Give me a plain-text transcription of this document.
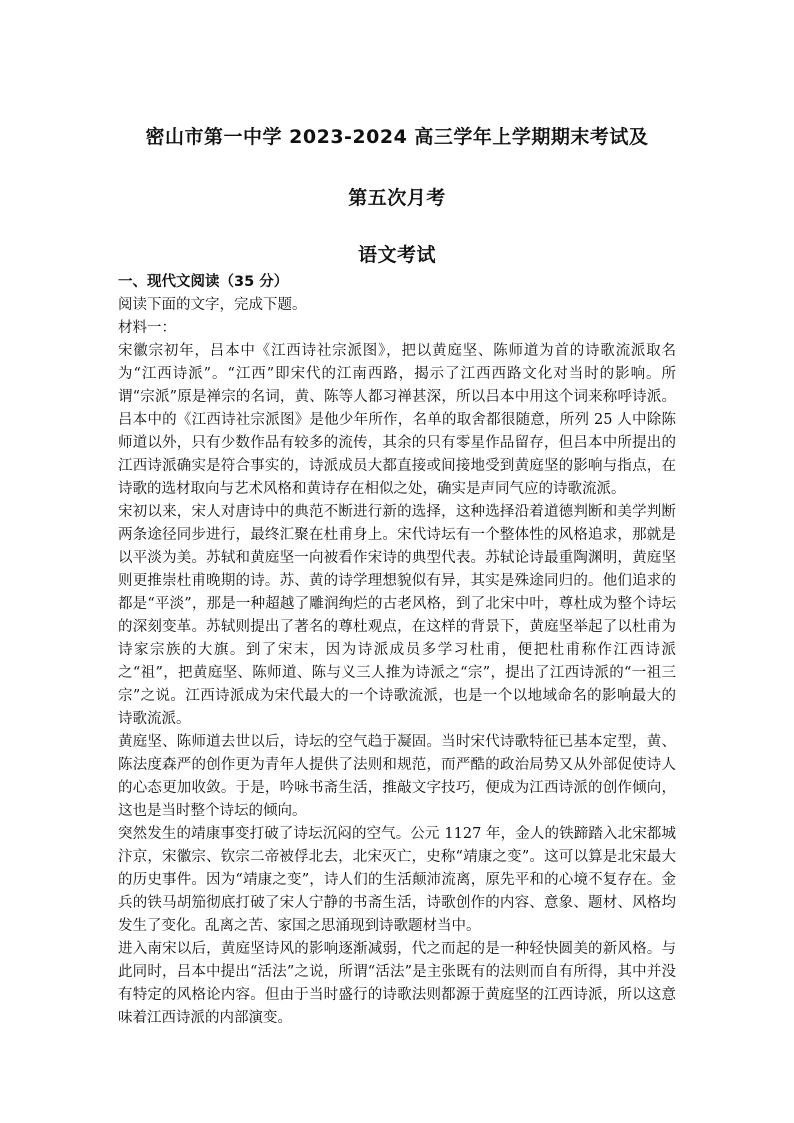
密山市第一中学 2023-2024 高三学年上学期期末考试及
第五次月考
语文考试

一、现代文阅读（35 分）

阅读下面的文字，完成下题。

材料一：

宋徽宗初年，吕本中《江西诗社宗派图》，把以黄庭坚、陈师道为首的诗歌流派取名为“江西诗派”。“江西”即宋代的江南西路，揭示了江西西路文化对当时的影响。所谓“宗派”原是禅宗的名词，黄、陈等人都习禅甚深，所以吕本中用这个词来称呼诗派。吕本中的《江西诗社宗派图》是他少年所作，名单的取舍都很随意，所列 25 人中除陈师道以外，只有少数作品有较多的流传，其余的只有零星作品留存，但吕本中所提出的江西诗派确实是符合事实的，诗派成员大都直接或间接地受到黄庭坚的影响与指点，在诗歌的选材取向与艺术风格和黄诗存在相似之处，确实是声同气应的诗歌流派。

宋初以来，宋人对唐诗中的典范不断进行新的选择，这种选择沿着道德判断和美学判断两条途径同步进行，最终汇聚在杜甫身上。宋代诗坛有一个整体性的风格追求，那就是以平淡为美。苏轼和黄庭坚一向被看作宋诗的典型代表。苏轼论诗最重陶渊明，黄庭坚则更推崇杜甫晚期的诗。苏、黄的诗学理想貌似有异，其实是殊途同归的。他们追求的都是“平淡”，那是一种超越了雕润绚烂的古老风格，到了北宋中叶，尊杜成为整个诗坛的深刻变革。苏轼则提出了著名的尊杜观点，在这样的背景下，黄庭坚举起了以杜甫为诗家宗族的大旗。到了宋末，因为诗派成员多学习杜甫，便把杜甫称作江西诗派之“祖”，把黄庭坚、陈师道、陈与义三人推为诗派之“宗”，提出了江西诗派的“一祖三宗”之说。江西诗派成为宋代最大的一个诗歌流派，也是一个以地域命名的影响最大的诗歌流派。

黄庭坚、陈师道去世以后，诗坛的空气趋于凝固。当时宋代诗歌特征已基本定型，黄、陈法度森严的创作更为青年人提供了法则和规范，而严酷的政治局势又从外部促使诗人的心态更加收敛。于是，吟咏书斋生活，推敲文字技巧，便成为江西诗派的创作倾向，这也是当时整个诗坛的倾向。

突然发生的靖康事变打破了诗坛沉闷的空气。公元 1127 年，金人的铁蹄踏入北宋都城汴京，宋徽宗、钦宗二帝被俘北去，北宋灭亡，史称“靖康之变”。这可以算是北宋最大的历史事件。因为“靖康之变”，诗人们的生活颠沛流离，原先平和的心境不复存在。金兵的铁马胡笳彻底打破了宋人宁静的书斋生活，诗歌创作的内容、意象、题材、风格均发生了变化。乱离之苦、家国之思涌现到诗歌题材当中。

进入南宋以后，黄庭坚诗风的影响逐渐减弱，代之而起的是一种轻快圆美的新风格。与此同时，吕本中提出“活法”之说，所谓“活法”是主张既有的法则而自有所得，其中并没有特定的风格论内容。但由于当时盛行的诗歌法则都源于黄庭坚的江西诗派，所以这意味着江西诗派的内部演变。
